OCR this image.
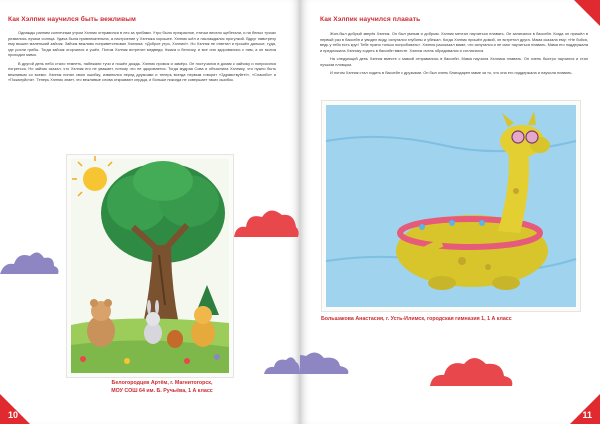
Как Хэлпик научился быть вежливым

Однажды ранним солнечным утром Хэлпик отправился в лес за грибами. Утро было прекрасное, птички весело щебетали, и на белых тучках резвились лучики солнца. Удача была привлекательна, а настроение у Хэлпика хорошее. Хэлпик шёл и наслаждался прогулкой. Вдруг навстречу ему вышел маленький зайчик. Зайчик вежливо поприветствовал Хэлпика: «Доброе утро, Хэлпик!». Но Хэлпик не ответил и прошёл дальше, туда, где росли грибы. Тогда зайчик огорчился и ушёл. Потом Хэлпик встретил медведя, ёжика и белочку, и все они здоровались с ним, а он молча проходил мимо.

В другой день небо стало темнеть, набежали тучи и пошёл дождь. Хэлпик промок и замёрз. Он постучался в домик к зайчику и попросился погреться. Но зайчик сказал, что Хэлпик его не уважает, потому что не здоровается. Тогда мудрая Сова и объяснила Хэлпику, что нужно быть вежливым со всеми. Хэлпик понял свою ошибку, извинился перед друзьями и теперь всегда первым говорит «Здравствуйте!», «Спасибо» и «Пожалуйста». Теперь Хэлпик знает, что вежливые слова открывают сердца, и больше никогда не совершает таких ошибок.

Белогородцев Артём, г. Магнитогорск,
МОУ СОШ 64 им. Б. Ручьёва, 1 А класс
10
Как Хэлпик научился плавать

Жил-был добрый зверёк Хэлпик. Он был умным и добрым. Хэлпик мечтал научиться плавать. Он записался в бассейн. Когда он пришёл в первый раз в бассейн и увидел воду, испугался глубины и убежал. Когда Хэлпик пришёл домой, он встретил друга. Мама сказала ему: «Не бойся, ведь у тебя есть круг! Тебе нужно только попробовать». Хэлпик рассказал маме, что испугался и не смог научиться плавать. Мама его поддержала и предложила Хэлпику ходить в бассейн вместе. Хэлпик очень обрадовался и согласился.

На следующий день Хэлпик вместе с мамой отправились в бассейн. Мама научила Хэлпика плавать. Он очень быстро научился и стал лучшим пловцом.

И потом Хэлпик стал ходить в бассейн с друзьями. Он был очень благодарен маме за то, что она его поддержала и научила плавать.

Большакова Анастасия, г. Усть-Илимск, городская гимназия 1, 1 А класс
11
